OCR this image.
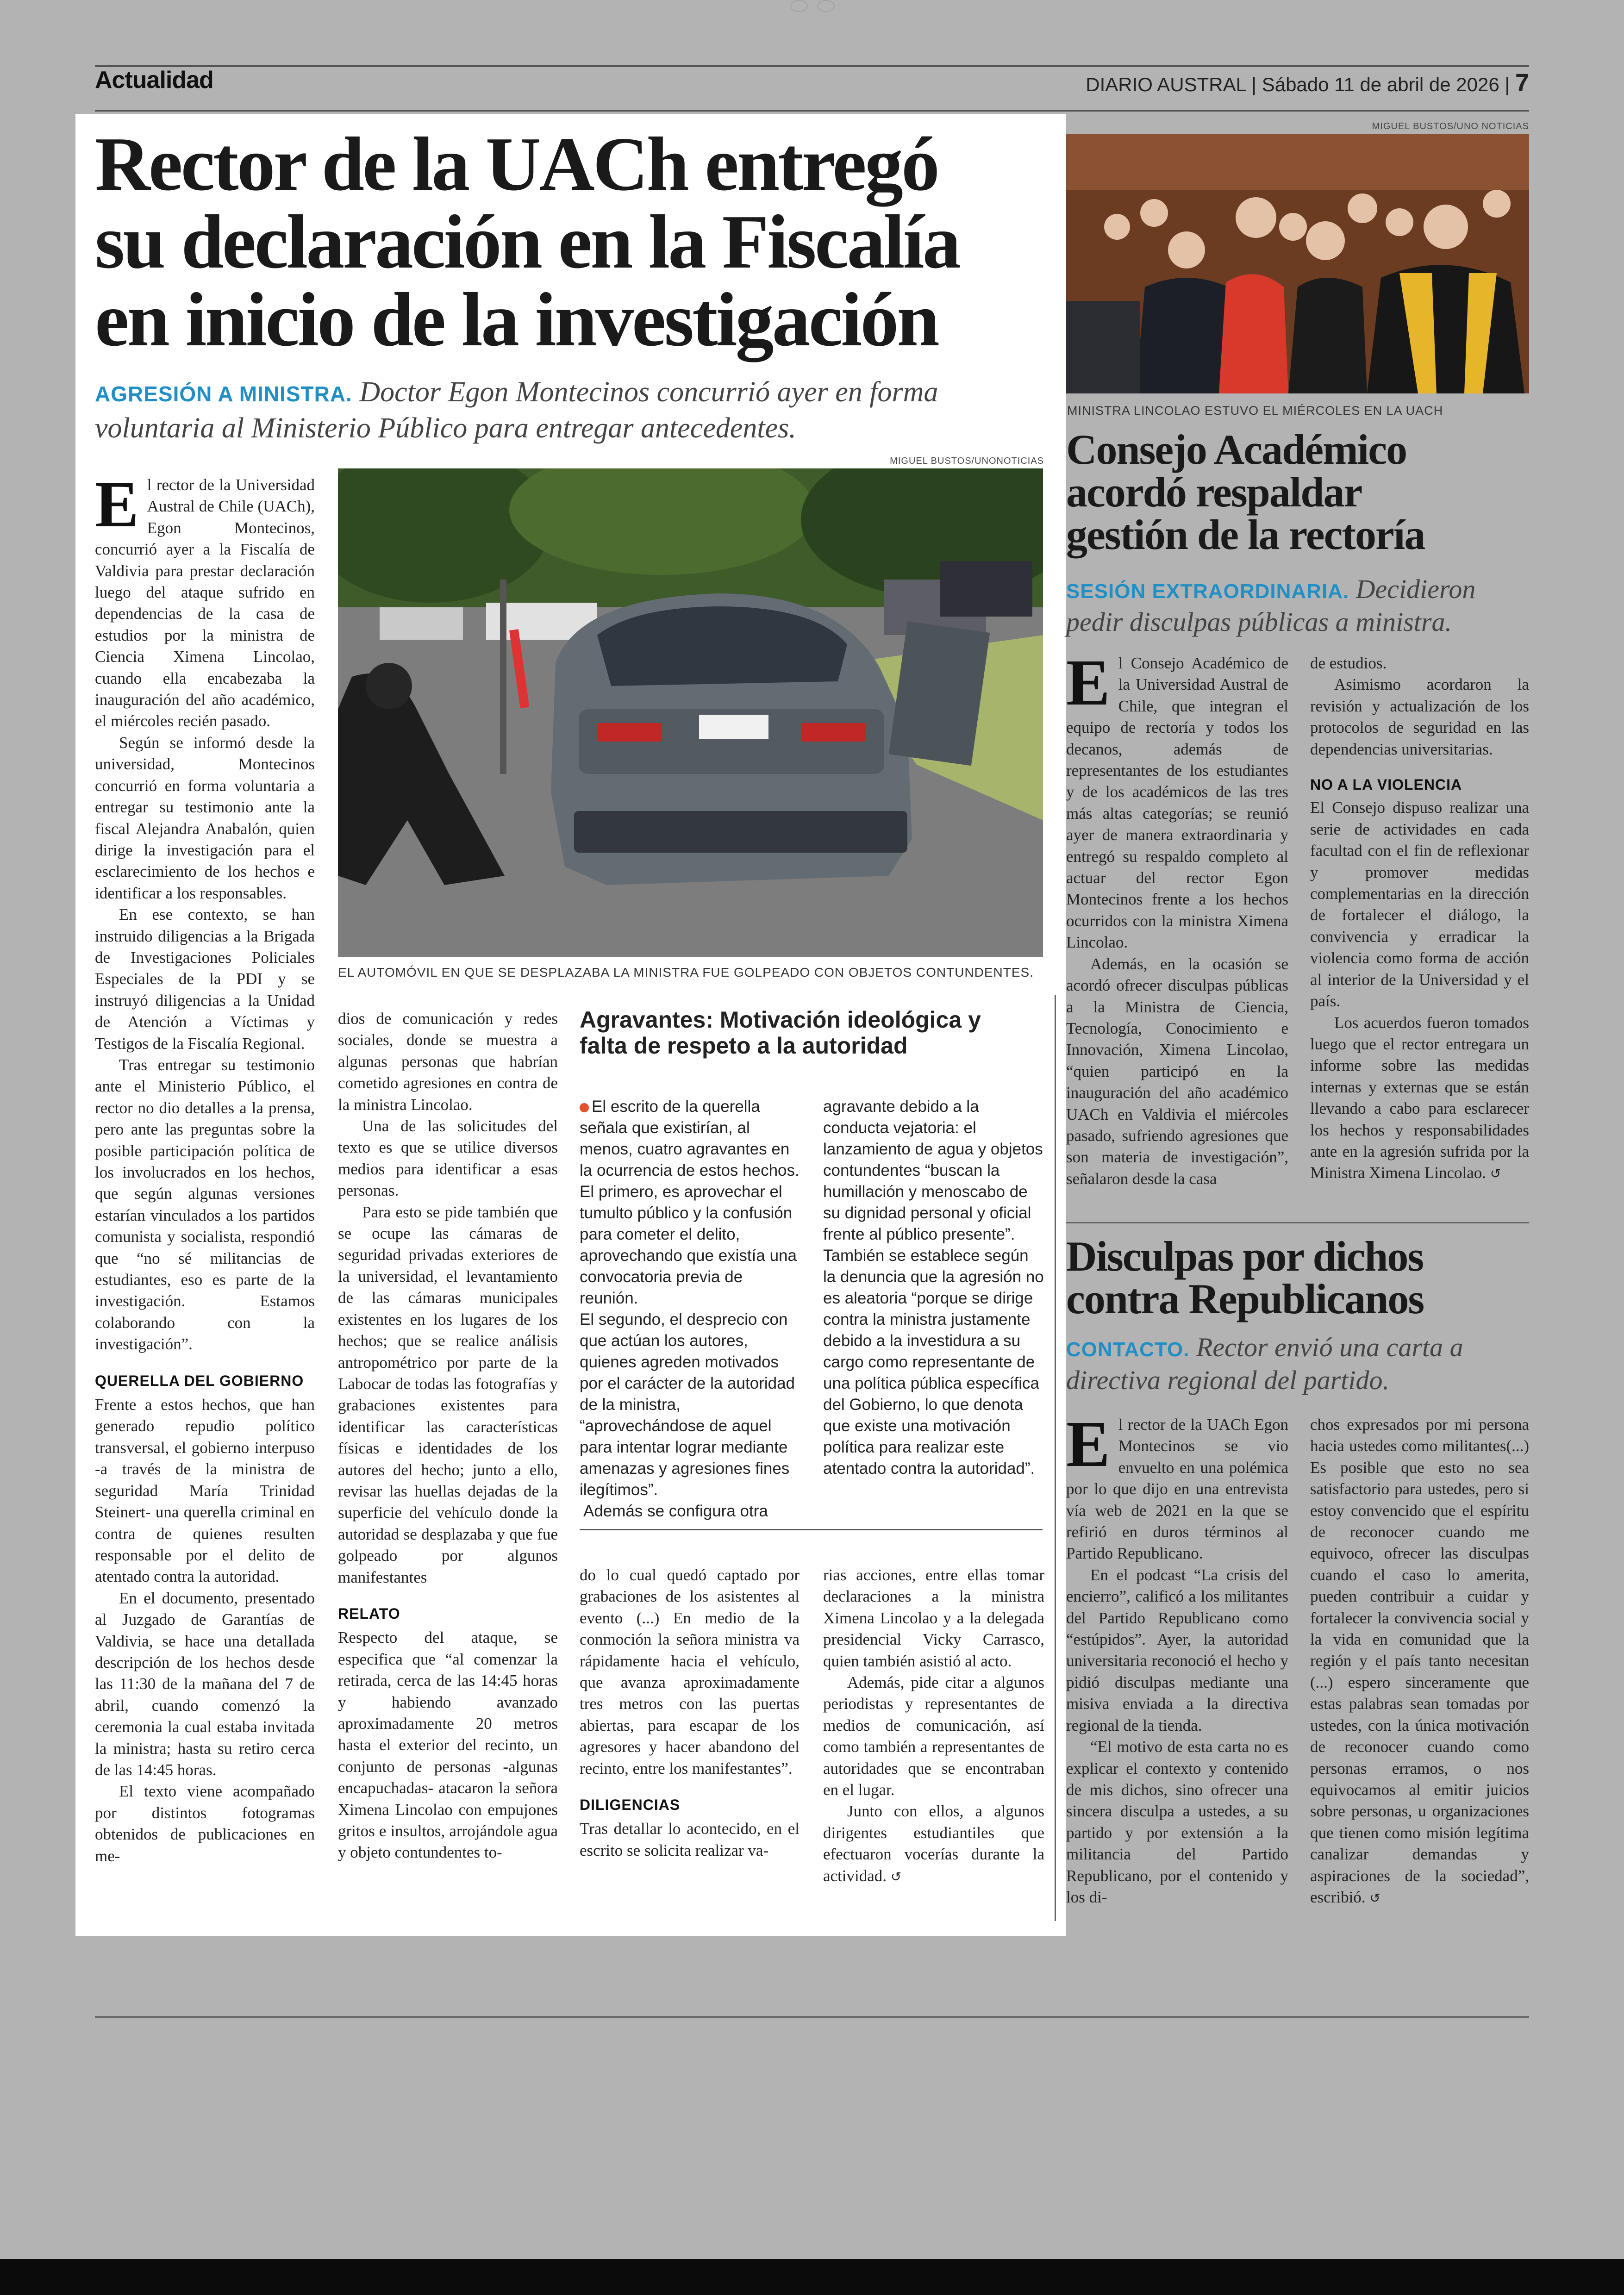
Actualidad	DIARIO AUSTRAL | Sábado 11 de abril de 2026 | 7
Rector de la UACh entregó
su declaración en la Fiscalía
en inicio de la investigación
AGRESIÓN A MINISTRA. Doctor Egon Montecinos concurrió ayer en forma voluntaria al Ministerio Público para entregar antecedentes.
MIGUEL BUSTOS/UNONOTICIAS
EL AUTOMÓVIL EN QUE SE DESPLAZABA LA MINISTRA FUE GOLPEADO CON OBJETOS CONTUNDENTES.

El rector de la Universidad Austral de Chile (UACh), Egon Montecinos, concurrió ayer a la Fiscalía de Valdivia para prestar declaración luego del ataque sufrido en dependencias de la casa de estudios por la ministra de Ciencia Ximena Lincolao, cuando ella encabezaba la inauguración del año académico, el miércoles recién pasado.

Según se informó desde la universidad, Montecinos concurrió en forma voluntaria a entregar su testimonio ante la fiscal Alejandra Anabalón, quien dirige la investigación para el esclarecimiento de los hechos e identificar a los responsables.

En ese contexto, se han instruido diligencias a la Brigada de Investigaciones Policiales Especiales de la PDI y se instruyó diligencias a la Unidad de Atención a Víctimas y Testigos de la Fiscalía Regional.

Tras entregar su testimonio ante el Ministerio Público, el rector no dio detalles a la prensa, pero ante las preguntas sobre la posible participación política de los involucrados en los hechos, que según algunas versiones estarían vinculados a los partidos comunista y socialista, respondió que “no sé militancias de estudiantes, eso es parte de la investigación. Estamos colaborando con la investigación”.

QUERELLA DEL GOBIERNO

Frente a estos hechos, que han generado repudio político transversal, el gobierno interpuso -a través de la ministra de seguridad María Trinidad Steinert- una querella criminal en contra de quienes resulten responsable por el delito de atentado contra la autoridad.

En el documento, presentado al Juzgado de Garantías de Valdivia, se hace una detallada descripción de los hechos desde las 11:30 de la mañana del 7 de abril, cuando comenzó la ceremonia la cual estaba invitada la ministra; hasta su retiro cerca de las 14:45 horas.

El texto viene acompañado por distintos fotogramas obtenidos de publicaciones en me-

dios de comunicación y redes sociales, donde se muestra a algunas personas que habrían cometido agresiones en contra de la ministra Lincolao.

Una de las solicitudes del texto es que se utilice diversos medios para identificar a esas personas.

Para esto se pide también que se ocupe las cámaras de seguridad privadas exteriores de la universidad, el levantamiento de las cámaras municipales existentes en los lugares de los hechos; que se realice análisis antropométrico por parte de la Labocar de todas las fotografías y grabaciones existentes para identificar las características físicas e identidades de los autores del hecho; junto a ello, revisar las huellas dejadas de la superficie del vehículo donde la autoridad se desplazaba y que fue golpeado por algunos manifestantes

RELATO

Respecto del ataque, se especifica que “al comenzar la retirada, cerca de las 14:45 horas y habiendo avanzado aproximadamente 20 metros hasta el exterior del recinto, un conjunto de personas -algunas encapuchadas- atacaron la señora Ximena Lincolao con empujones gritos e insultos, arrojándole agua y objeto contundentes to-

Agravantes: Motivación ideológica y
falta de respeto a la autoridad

El escrito de la querella señala que existirían, al menos, cuatro agravantes en la ocurrencia de estos hechos.

El primero, es aprovechar el tumulto público y la confusión para cometer el delito, aprovechando que existía una convocatoria previa de reunión.

El segundo, el desprecio con que actúan los autores, quienes agreden motivados por el carácter de la autoridad de la ministra, “aprovechándose de aquel para intentar lograr mediante amenazas y agresiones fines ilegítimos”.

Además se configura otra

agravante debido a la conducta vejatoria: el lanzamiento de agua y objetos contundentes “buscan la humillación y menoscabo de su dignidad personal y oficial frente al público presente”.

También se establece según la denuncia que la agresión no es aleatoria “porque se dirige contra la ministra justamente debido a la investidura a su cargo como representante de una política pública específica del Gobierno, lo que denota que existe una motivación política para realizar este atentado contra la autoridad”.

do lo cual quedó captado por grabaciones de los asistentes al evento (...) En medio de la conmoción la señora ministra va rápidamente hacia el vehículo, que avanza aproximadamente tres metros con las puertas abiertas, para escapar de los agresores y hacer abandono del recinto, entre los manifestantes”.

DILIGENCIAS

Tras detallar lo acontecido, en el escrito se solicita realizar va-

rias acciones, entre ellas tomar declaraciones a la ministra Ximena Lincolao y a la delegada presidencial Vicky Carrasco, quien también asistió al acto.

Además, pide citar a algunos periodistas y representantes de medios de comunicación, así como también a representantes de autoridades que se encontraban en el lugar.

Junto con ellos, a algunos dirigentes estudiantiles que efectuaron vocerías durante la actividad. ↺

MIGUEL BUSTOS/UNO NOTICIAS
MINISTRA LINCOLAO ESTUVO EL MIÉRCOLES EN LA UACH
Consejo Académico
acordó respaldar
gestión de la rectoría
SESIÓN EXTRAORDINARIA. Decidieron pedir disculpas públicas a ministra.

El Consejo Académico de la Universidad Austral de Chile, que integran el equipo de rectoría y todos los decanos, además de representantes de los estudiantes y de los académicos de las tres más altas categorías; se reunió ayer de manera extraordinaria y entregó su respaldo completo al actuar del rector Egon Montecinos frente a los hechos ocurridos con la ministra Ximena Lincolao.

Además, en la ocasión se acordó ofrecer disculpas públicas a la Ministra de Ciencia, Tecnología, Conocimiento e Innovación, Ximena Lincolao, “quien participó en la inauguración del año académico UACh en Valdivia el miércoles pasado, sufriendo agresiones que son materia de investigación”, señalaron desde la casa

de estudios.

Asimismo acordaron la revisión y actualización de los protocolos de seguridad en las dependencias universitarias.

NO A LA VIOLENCIA

El Consejo dispuso realizar una serie de actividades en cada facultad con el fin de reflexionar y promover medidas complementarias en la dirección de fortalecer el diálogo, la convivencia y erradicar la violencia como forma de acción al interior de la Universidad y el país.

Los acuerdos fueron tomados luego que el rector entregara un informe sobre las medidas internas y externas que se están llevando a cabo para esclarecer los hechos y responsabilidades ante en la agresión sufrida por la Ministra Ximena Lincolao. ↺

Disculpas por dichos
contra Republicanos
CONTACTO. Rector envió una carta a directiva regional del partido.

El rector de la UACh Egon Montecinos se vio envuelto en una polémica por lo que dijo en una entrevista vía web de 2021 en la que se refirió en duros términos al Partido Republicano.

En el podcast “La crisis del encierro”, calificó a los militantes del Partido Republicano como “estúpidos”. Ayer, la autoridad universitaria reconoció el hecho y pidió disculpas mediante una misiva enviada a la directiva regional de la tienda.

“El motivo de esta carta no es explicar el contexto y contenido de mis dichos, sino ofrecer una sincera disculpa a ustedes, a su partido y por extensión a la militancia del Partido Republicano, por el contenido y los di-

chos expresados por mi persona hacia ustedes como militantes(...) Es posible que esto no sea satisfactorio para ustedes, pero si estoy convencido que el espíritu de reconocer cuando me equivoco, ofrecer las disculpas cuando el caso lo amerita, pueden contribuir a cuidar y fortalecer la convivencia social y la vida en comunidad que la región y el país tanto necesitan (...) espero sinceramente que estas palabras sean tomadas por ustedes, con la única motivación de reconocer cuando como personas erramos, o nos equivocamos al emitir juicios sobre personas, u organizaciones que tienen como misión legítima canalizar demandas y aspiraciones de la sociedad”, escribió. ↺
